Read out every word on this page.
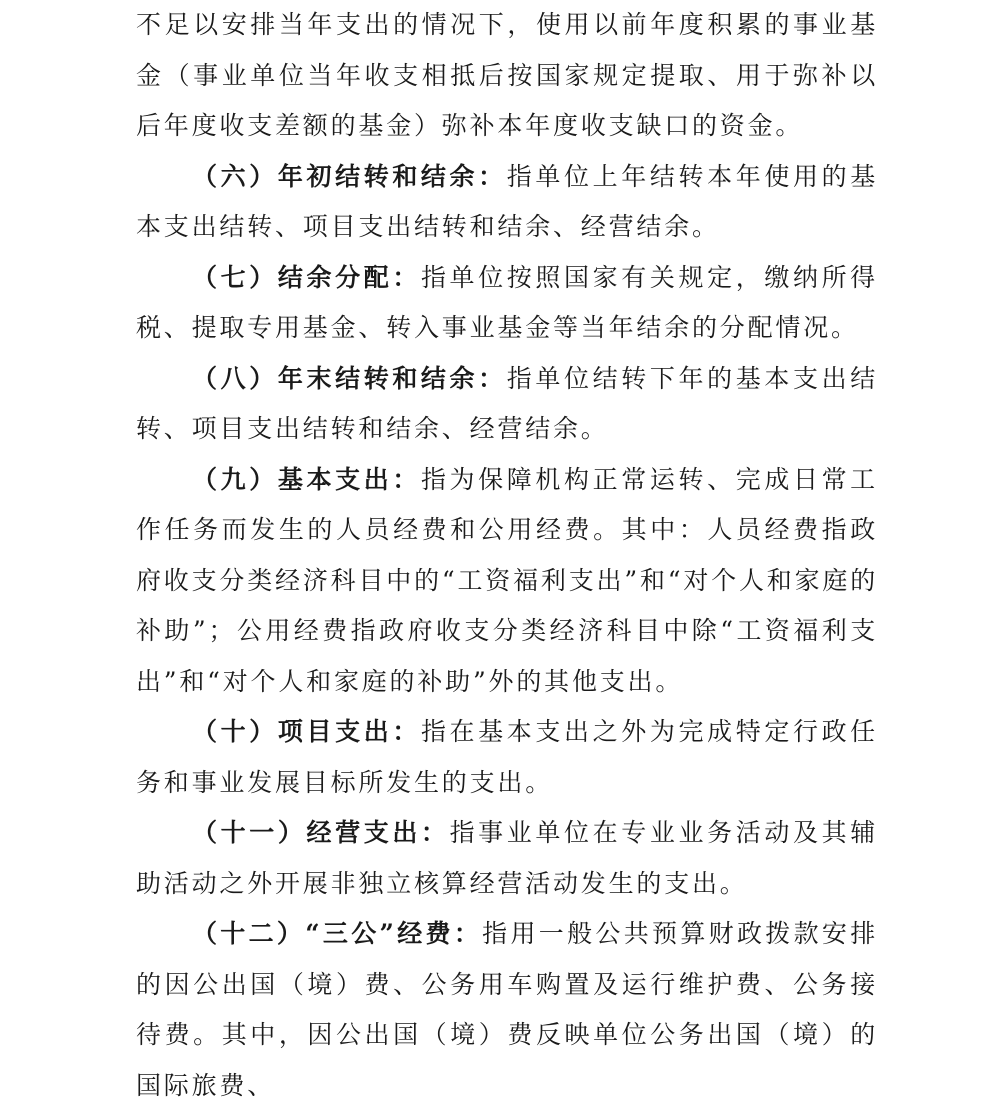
不足以安排当年支出的情况下，使用以前年度积累的事业基金（事业单位当年收支相抵后按国家规定提取、用于弥补以后年度收支差额的基金）弥补本年度收支缺口的资金。

（六）年初结转和结余：指单位上年结转本年使用的基本支出结转、项目支出结转和结余、经营结余。

（七）结余分配：指单位按照国家有关规定，缴纳所得税、提取专用基金、转入事业基金等当年结余的分配情况。

（八）年末结转和结余：指单位结转下年的基本支出结转、项目支出结转和结余、经营结余。

（九）基本支出：指为保障机构正常运转、完成日常工作任务而发生的人员经费和公用经费。其中：人员经费指政府收支分类经济科目中的“工资福利支出”和“对个人和家庭的补助”；公用经费指政府收支分类经济科目中除“工资福利支出”和“对个人和家庭的补助”外的其他支出。

（十）项目支出：指在基本支出之外为完成特定行政任务和事业发展目标所发生的支出。

（十一）经营支出：指事业单位在专业业务活动及其辅助活动之外开展非独立核算经营活动发生的支出。

（十二）“三公”经费：指用一般公共预算财政拨款安排的因公出国（境）费、公务用车购置及运行维护费、公务接待费。其中，因公出国（境）费反映单位公务出国（境）的国际旅费、
